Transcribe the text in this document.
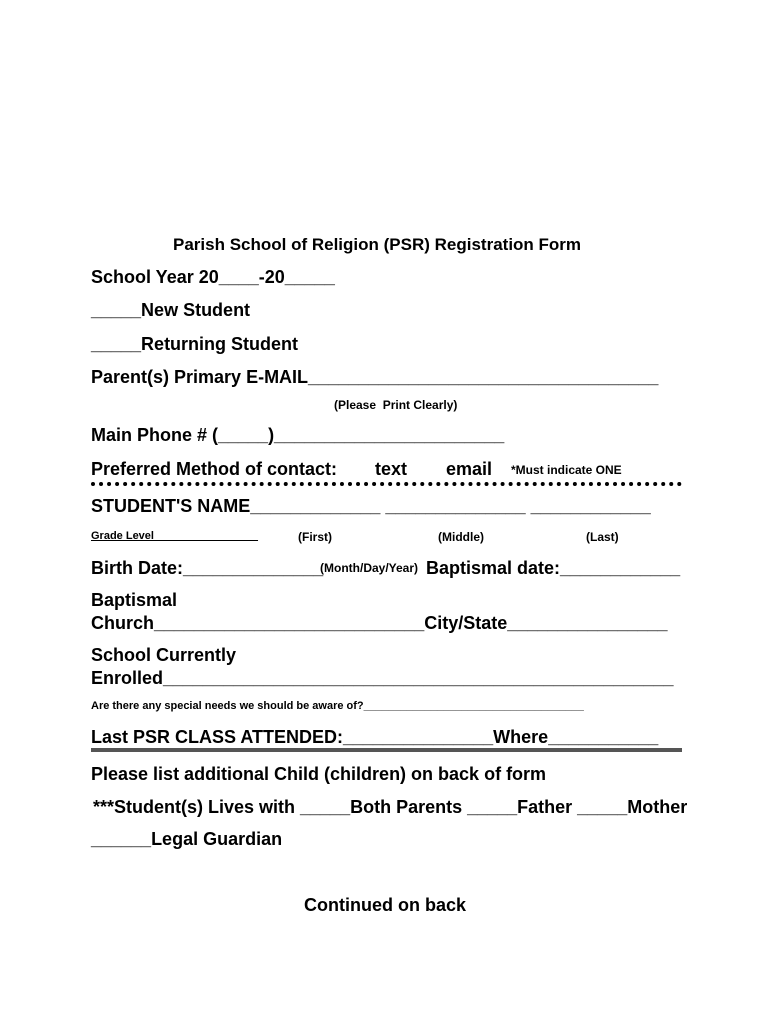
Parish School of Religion (PSR) Registration Form
School Year 20____-20_____
_____New Student
_____Returning Student
Parent(s) Primary E-MAIL___________________________________
(Please  Print Clearly)
Main Phone # (_____)_______________________
Preferred Method of contact: text email *Must indicate ONE
STUDENT'S NAME_____________ ______________ ____________
Grade Level_________________	(First)	(Middle)	(Last)
Birth Date:______________
(Month/Day/Year) Baptismal date:____________
Baptismal
Church___________________________City/State________________
School Currently
Enrolled___________________________________________________
Are there any special needs we should be aware of?____________________________________
Last PSR CLASS ATTENDED:_______________Where___________
Please list additional Child (children) on back of form
***Student(s) Lives with _____Both Parents _____Father _____Mother
______Legal Guardian
Continued on back
